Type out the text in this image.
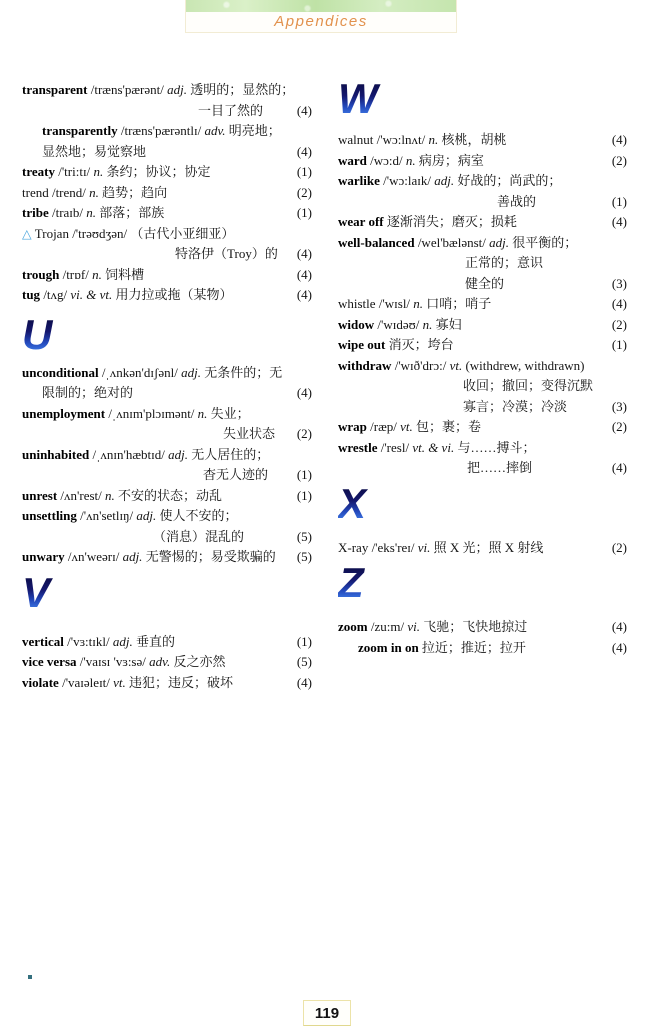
Appendices
transparent /træns'pærənt/ adj. 透明的；显然的；
一目了然的	(4)
transparently /træns'pærəntlɪ/ adv. 明亮地；
显然地；易觉察地	(4)
treaty /'tri:tɪ/ n. 条约；协议；协定	(1)
trend /trend/ n. 趋势；趋向	(2)
tribe /traɪb/ n. 部落；部族	(1)
△ Trojan /'trəʊdʒən/ （古代小亚细亚）
特洛伊（Troy）的	(4)
trough /trɒf/ n. 饲料槽	(4)
tug /tʌg/ vi. & vt. 用力拉或拖（某物）	(4)
U
unconditional /ˌʌnkən'dɪʃənl/ adj. 无条件的；无
限制的；绝对的	(4)
unemployment /ˌʌnɪm'plɔɪmənt/ n. 失业；
失业状态	(2)
uninhabited /ˌʌnɪn'hæbtɪd/ adj. 无人居住的；
杳无人迹的	(1)
unrest /ʌn'rest/ n. 不安的状态；动乱	(1)
unsettling /'ʌn'setlɪŋ/ adj. 使人不安的；
（消息）混乱的	(5)
unwary /ʌn'weərɪ/ adj. 无警惕的；易受欺骗的	(5)
V
vertical /'vɜ:tɪkl/ adj. 垂直的	(1)
vice versa /'vaɪsɪ 'vɜ:sə/ adv. 反之亦然	(5)
violate /'vaɪəleɪt/ vt. 违犯；违反；破坏	(4)
W
walnut /'wɔ:lnʌt/ n. 核桃，胡桃	(4)
ward /wɔ:d/ n. 病房；病室	(2)
warlike /'wɔ:laɪk/ adj. 好战的；尚武的；
善战的	(1)
wear off 逐渐消失；磨灭；损耗	(4)
well-balanced /wel'bælənst/ adj. 很平衡的；
正常的；意识
健全的	(3)
whistle /'wɪsl/ n. 口哨；哨子	(4)
widow /'wɪdəʊ/ n. 寡妇	(2)
wipe out 消灭；垮台	(1)
withdraw /'wɪð'drɔ:/ vt. (withdrew, withdrawn)
收回；撤回；变得沉默
寡言；冷漠；冷淡	(3)
wrap /ræp/ vt. 包；裹；卷	(2)
wrestle /'resl/ vt. & vi. 与……搏斗；
把……摔倒	(4)
X
X-ray /'eks'reɪ/ vi. 照 X 光；照 X 射线	(2)
Z
zoom /zu:m/ vi. 飞驰；飞快地掠过	(4)
zoom in on 拉近；推近；拉开	(4)
119
